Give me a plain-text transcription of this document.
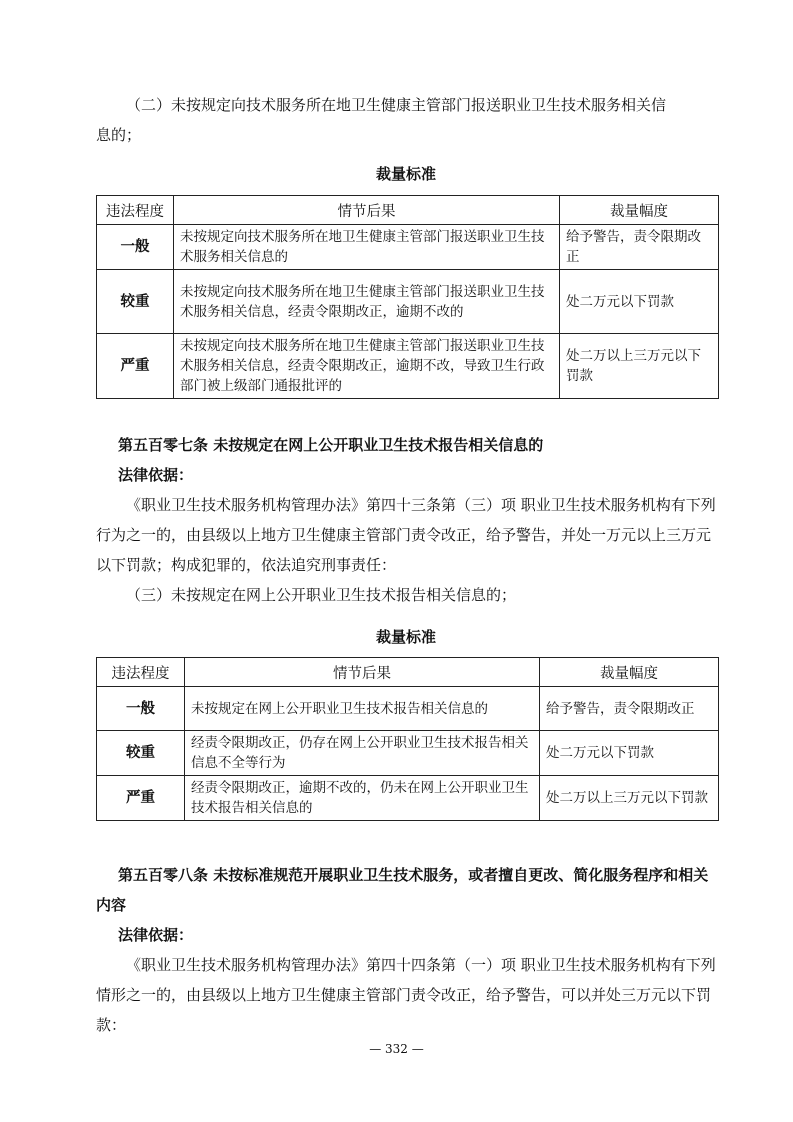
（二）未按规定向技术服务所在地卫生健康主管部门报送职业卫生技术服务相关信

息的；

裁量标准
违法程度	情节后果	裁量幅度
一般	未按规定向技术服务所在地卫生健康主管部门报送职业卫生技术服务相关信息的	给予警告，责令限期改正
较重	未按规定向技术服务所在地卫生健康主管部门报送职业卫生技术服务相关信息，经责令限期改正，逾期不改的	处二万元以下罚款
严重	未按规定向技术服务所在地卫生健康主管部门报送职业卫生技术服务相关信息，经责令限期改正，逾期不改，导致卫生行政部门被上级部门通报批评的	处二万以上三万元以下罚款

第五百零七条 未按规定在网上公开职业卫生技术报告相关信息的

法律依据：

《职业卫生技术服务机构管理办法》第四十三条第（三）项 职业卫生技术服务机构有下列行为之一的，由县级以上地方卫生健康主管部门责令改正，给予警告，并处一万元以上三万元以下罚款；构成犯罪的，依法追究刑事责任：

（三）未按规定在网上公开职业卫生技术报告相关信息的；

裁量标准
违法程度	情节后果	裁量幅度
一般	未按规定在网上公开职业卫生技术报告相关信息的	给予警告，责令限期改正
较重	经责令限期改正，仍存在网上公开职业卫生技术报告相关信息不全等行为	处二万元以下罚款
严重	经责令限期改正，逾期不改的，仍未在网上公开职业卫生技术报告相关信息的	处二万以上三万元以下罚款

第五百零八条 未按标准规范开展职业卫生技术服务，或者擅自更改、简化服务程序和相关内容

法律依据：

《职业卫生技术服务机构管理办法》第四十四条第（一）项 职业卫生技术服务机构有下列情形之一的，由县级以上地方卫生健康主管部门责令改正，给予警告，可以并处三万元以下罚款：

— 332 —
